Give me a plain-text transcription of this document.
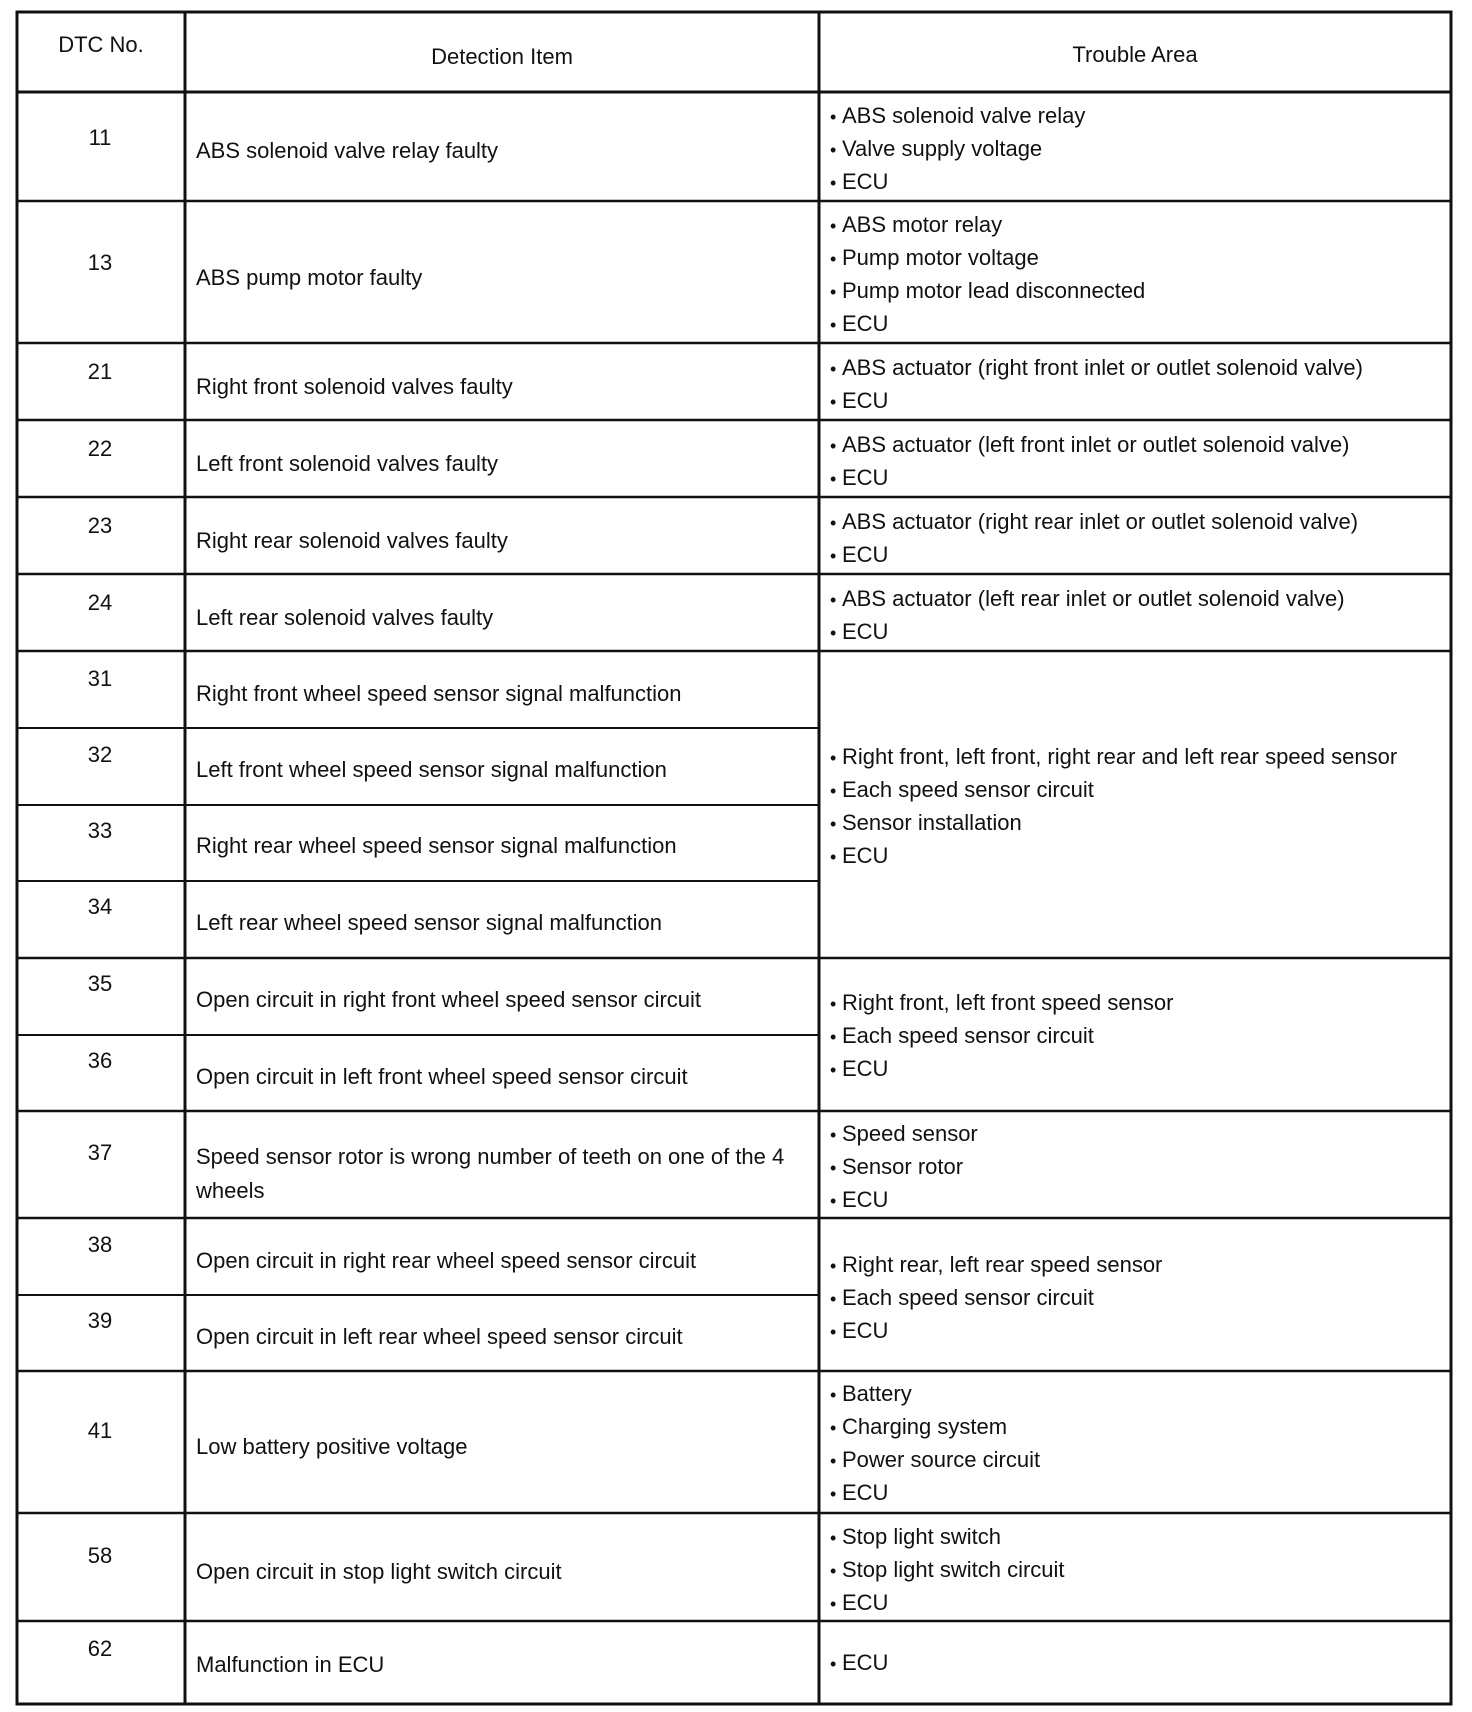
DTC No.	Detection Item	Trouble Area
11
13
21
22
23
24
31
32
33
34
35
36
37
38
39
41
58
62
ABS solenoid valve relay faulty
ABS pump motor faulty
Right front solenoid valves faulty
Left front solenoid valves faulty
Right rear solenoid valves faulty
Left rear solenoid valves faulty
Right front wheel speed sensor signal malfunction
Left front wheel speed sensor signal malfunction
Right rear wheel speed sensor signal malfunction
Left rear wheel speed sensor signal malfunction
Open circuit in right front wheel speed sensor circuit
Open circuit in left front wheel speed sensor circuit
Speed sensor rotor is wrong number of teeth on one of the 4 wheels
Open circuit in right rear wheel speed sensor circuit
Open circuit in left rear wheel speed sensor circuit
Low battery positive voltage
Open circuit in stop light switch circuit
Malfunction in ECU
• ABS solenoid valve relay
• Valve supply voltage
• ECU
• ABS motor relay
• Pump motor voltage
• Pump motor lead disconnected
• ECU
• ABS actuator (right front inlet or outlet solenoid valve)
• ECU
• ABS actuator (left front inlet or outlet solenoid valve)
• ECU
• ABS actuator (right rear inlet or outlet solenoid valve)
• ECU
• ABS actuator (left rear inlet or outlet solenoid valve)
• ECU
• Right front, left front, right rear and left rear speed sensor
• Each speed sensor circuit
• Sensor installation
• ECU
• Right front, left front speed sensor
• Each speed sensor circuit
• ECU
• Speed sensor
• Sensor rotor
• ECU
• Right rear, left rear speed sensor
• Each speed sensor circuit
• ECU
• Battery
• Charging system
• Power source circuit
• ECU
• Stop light switch
• Stop light switch circuit
• ECU
• ECU
